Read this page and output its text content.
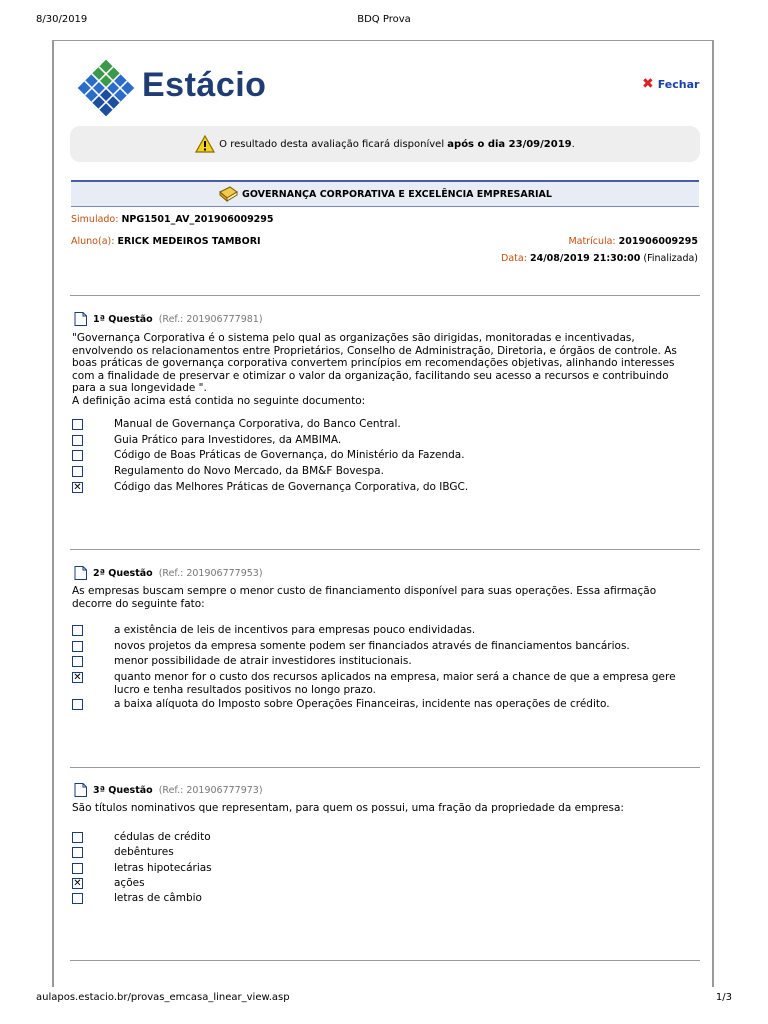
8/30/2019	BDQ Prova
aulapos.estacio.br/provas_emcasa_linear_view.asp	1/3
Estácio	✖ Fechar
O resultado desta avaliação ficará disponível após o dia 23/09/2019.
GOVERNANÇA CORPORATIVA E EXCELÊNCIA EMPRESARIAL
Simulado: NPG1501_AV_201906009295
Aluno(a): ERICK MEDEIROS TAMBORI	Matrícula: 201906009295
Data: 24/08/2019 21:30:00 (Finalizada)
1ª Questão (Ref.: 201906777981)
"Governança Corporativa é o sistema pelo qual as organizações são dirigidas, monitoradas e incentivadas,
envolvendo os relacionamentos entre Proprietários, Conselho de Administração, Diretoria, e órgãos de controle. As
boas práticas de governança corporativa convertem princípios em recomendações objetivas, alinhando interesses
com a finalidade de preservar e otimizar o valor da organização, facilitando seu acesso a recursos e contribuindo
para a sua longevidade ".
A definição acima está contida no seguinte documento:
Manual de Governança Corporativa, do Banco Central.
Guia Prático para Investidores, da AMBIMA.
Código de Boas Práticas de Governança, do Ministério da Fazenda.
Regulamento do Novo Mercado, da BM&F Bovespa.
✕	Código das Melhores Práticas de Governança Corporativa, do IBGC.
2ª Questão (Ref.: 201906777953)
As empresas buscam sempre o menor custo de financiamento disponível para suas operações. Essa afirmação
decorre do seguinte fato:
a existência de leis de incentivos para empresas pouco endividadas.
novos projetos da empresa somente podem ser financiados através de financiamentos bancários.
menor possibilidade de atrair investidores institucionais.
✕	quanto menor for o custo dos recursos aplicados na empresa, maior será a chance de que a empresa gere lucro e tenha resultados positivos no longo prazo.
a baixa alíquota do Imposto sobre Operações Financeiras, incidente nas operações de crédito.
3ª Questão (Ref.: 201906777973)
São títulos nominativos que representam, para quem os possui, uma fração da propriedade da empresa:
cédulas de crédito
debêntures
letras hipotecárias
✕	ações
letras de câmbio
